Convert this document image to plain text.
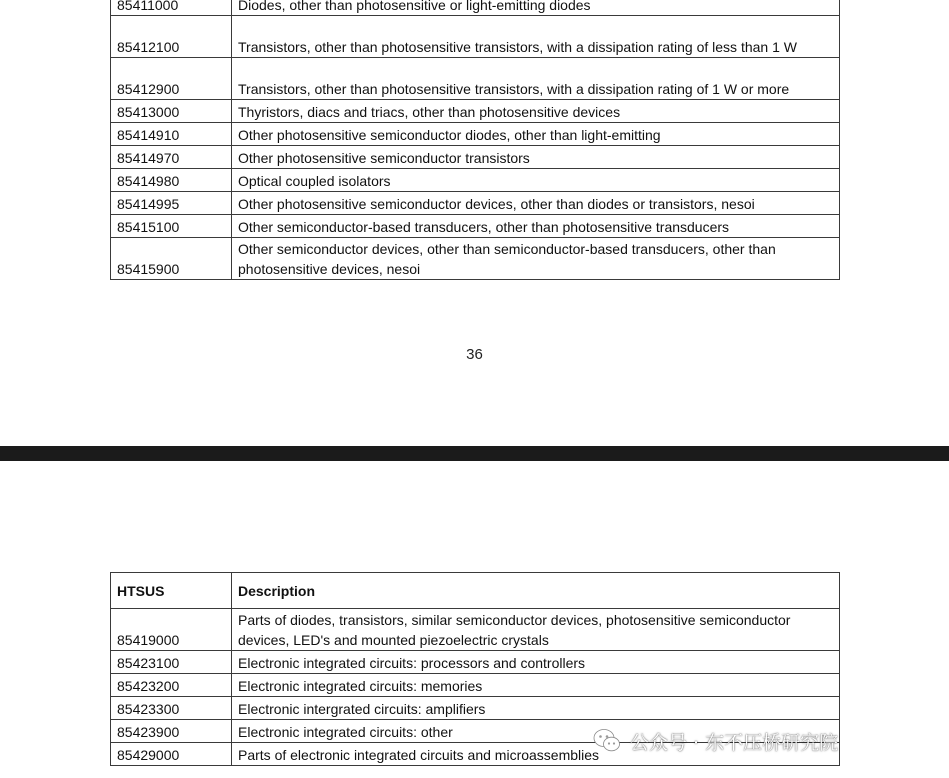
85411000	Diodes, other than photosensitive or light-emitting diodes
85412100	Transistors, other than photosensitive transistors, with a dissipation rating of less than 1 W
85412900	Transistors, other than photosensitive transistors, with a dissipation rating of 1 W or more
85413000	Thyristors, diacs and triacs, other than photosensitive devices
85414910	Other photosensitive semiconductor diodes, other than light-emitting
85414970	Other photosensitive semiconductor transistors
85414980	Optical coupled isolators
85414995	Other photosensitive semiconductor devices, other than diodes or transistors, nesoi
85415100	Other semiconductor-based transducers, other than photosensitive transducers
85415900	Other semiconductor devices, other than semiconductor-based transducers, other than photosensitive devices, nesoi
36
HTSUS	Description
85419000	Parts of diodes, transistors, similar semiconductor devices, photosensitive semiconductor devices, LED's and mounted piezoelectric crystals
85423100	Electronic integrated circuits: processors and controllers
85423200	Electronic integrated circuits: memories
85423300	Electronic intergrated circuits: amplifiers
85423900	Electronic integrated circuits: other
85429000	Parts of electronic integrated circuits and microassemblies
公众号 · 东不压桥研究院
